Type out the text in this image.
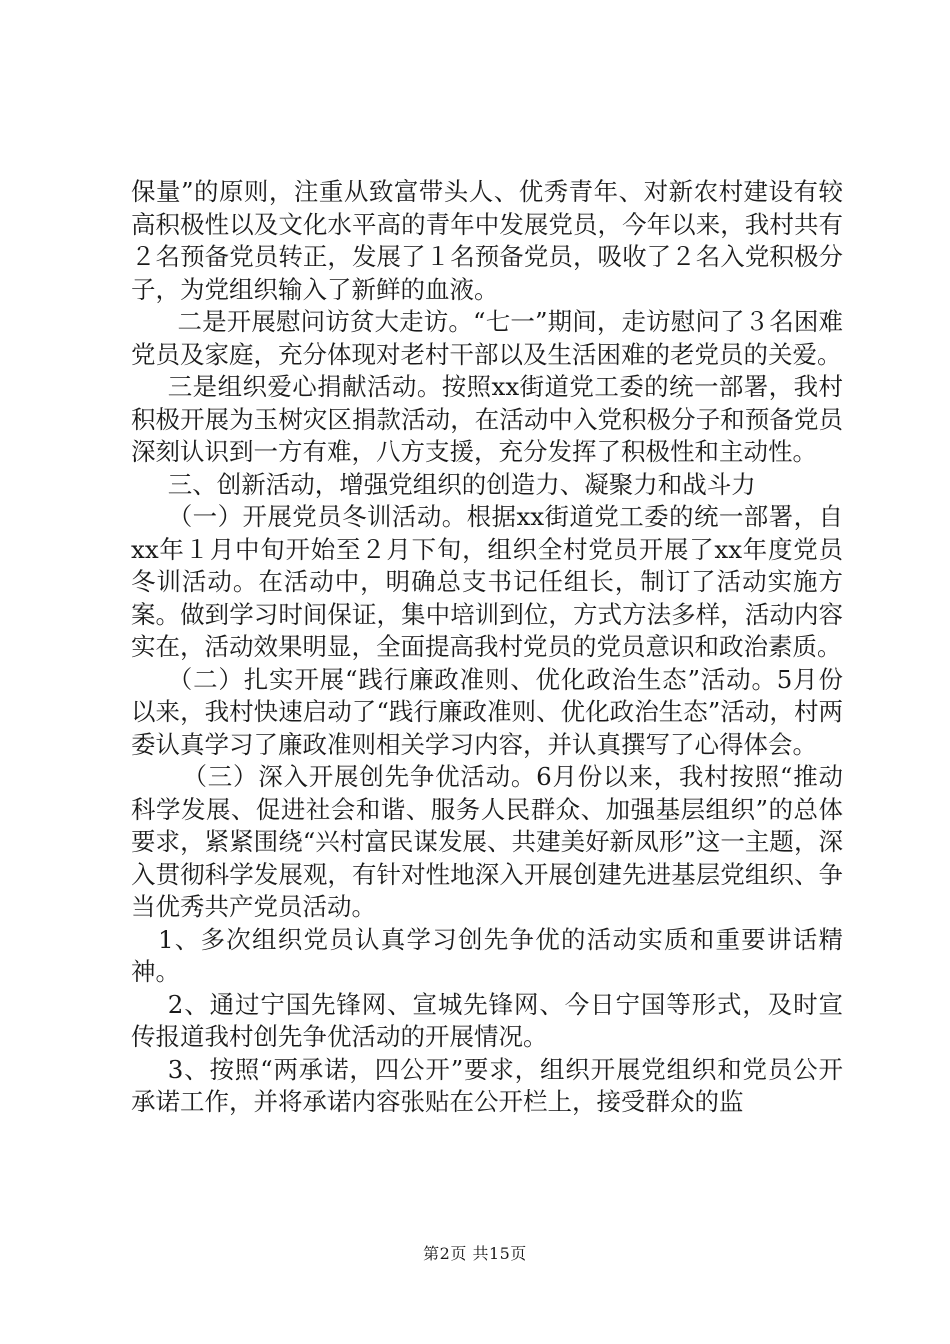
保量”的原则，注重从致富带头人、优秀青年、对新农村建设有较高积极性以及文化水平高的青年中发展党员，今年以来，我村共有２名预备党员转正，发展了１名预备党员，吸收了２名入党积极分子，为党组织输入了新鲜的血液。

二是开展慰问访贫大走访。“七一”期间，走访慰问了３名困难党员及家庭，充分体现对老村干部以及生活困难的老党员的关爱。

三是组织爱心捐献活动。按照xx街道党工委的统一部署，我村积极开展为玉树灾区捐款活动，在活动中入党积极分子和预备党员深刻认识到一方有难，八方支援，充分发挥了积极性和主动性。

三、创新活动，增强党组织的创造力、凝聚力和战斗力

（一）开展党员冬训活动。根据xx街道党工委的统一部署，自xx年１月中旬开始至２月下旬，组织全村党员开展了xx年度党员冬训活动。在活动中，明确总支书记任组长，制订了活动实施方案。做到学习时间保证，集中培训到位，方式方法多样，活动内容实在，活动效果明显，全面提高我村党员的党员意识和政治素质。

（二）扎实开展“践行廉政准则、优化政治生态”活动。5月份以来，我村快速启动了“践行廉政准则、优化政治生态”活动，村两委认真学习了廉政准则相关学习内容，并认真撰写了心得体会。

（三）深入开展创先争优活动。6月份以来，我村按照“推动科学发展、促进社会和谐、服务人民群众、加强基层组织”的总体要求，紧紧围绕“兴村富民谋发展、共建美好新凤形”这一主题，深入贯彻科学发展观，有针对性地深入开展创建先进基层党组织、争当优秀共产党员活动。

1、多次组织党员认真学习创先争优的活动实质和重要讲话精神。

2、通过宁国先锋网、宣城先锋网、今日宁国等形式，及时宣传报道我村创先争优活动的开展情况。

3、按照“两承诺，四公开”要求，组织开展党组织和党员公开承诺工作，并将承诺内容张贴在公开栏上，接受群众的监

第2页 共15页
